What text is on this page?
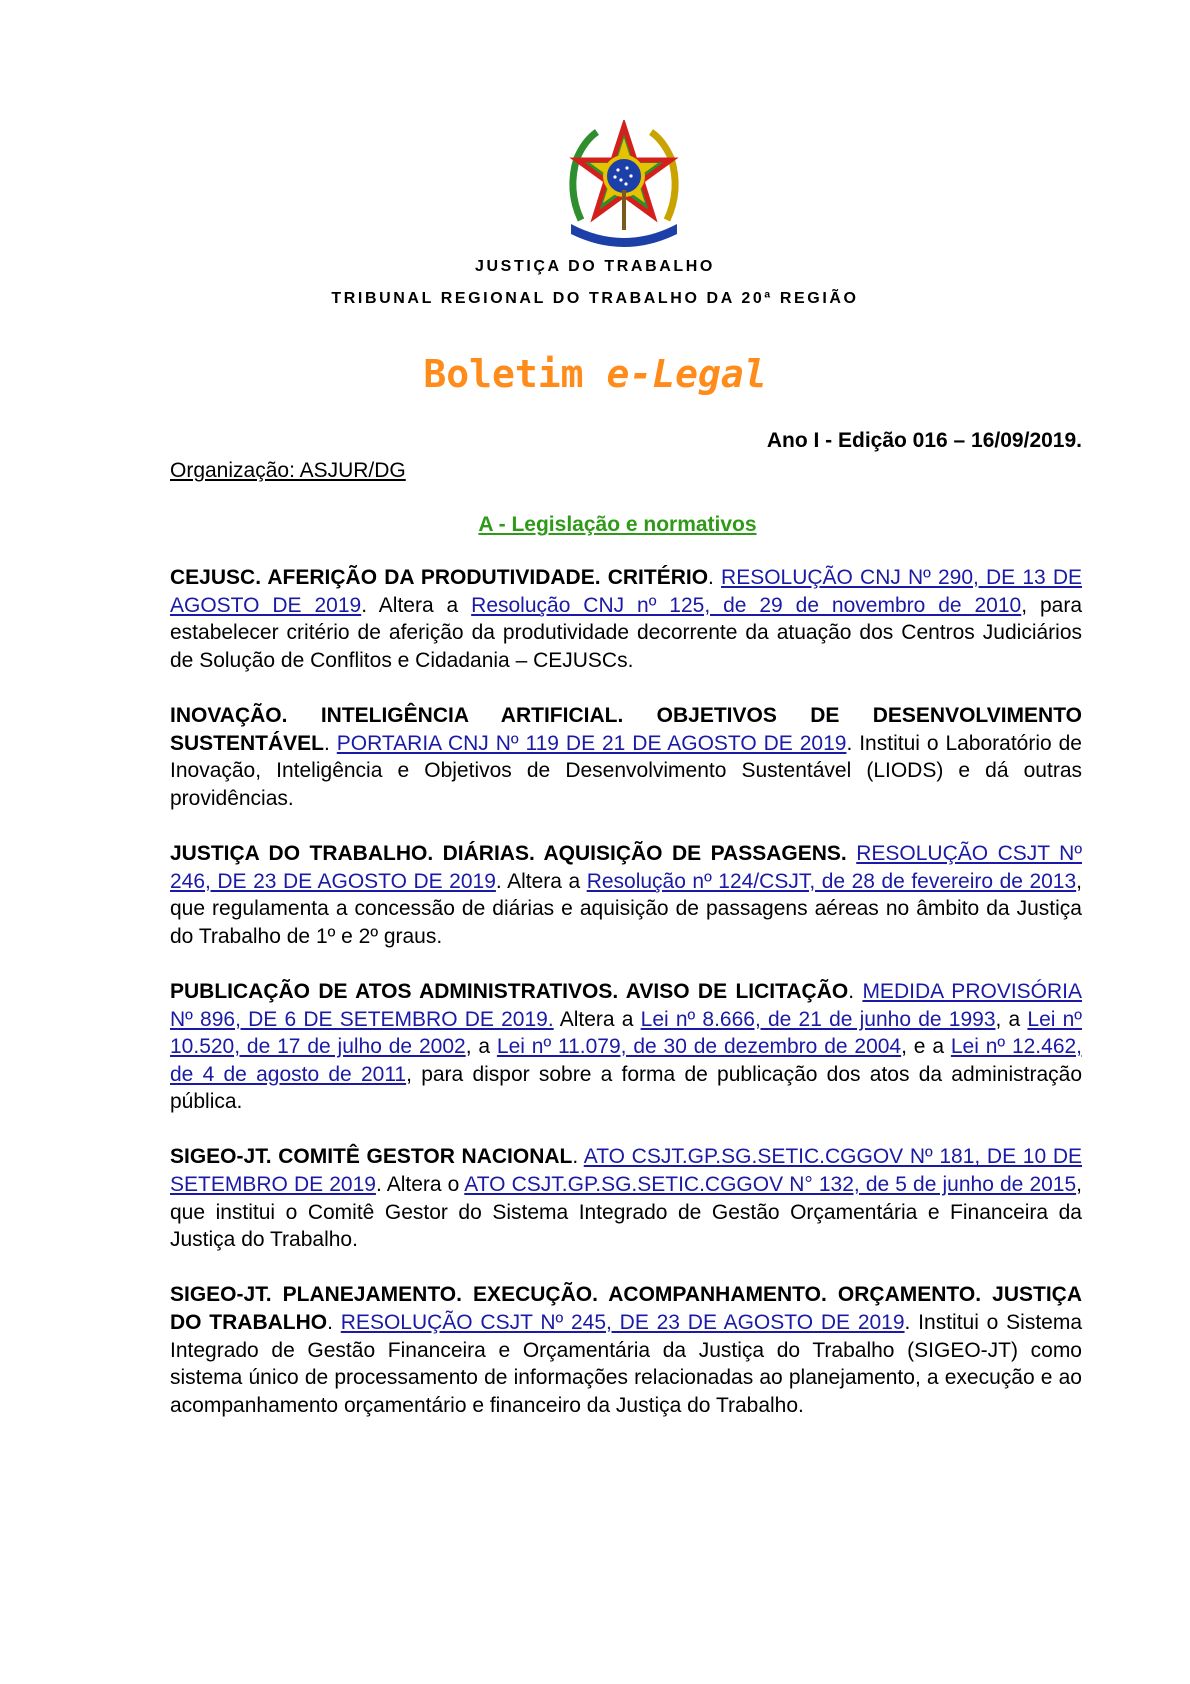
JUSTIÇA DO TRABALHO
TRIBUNAL REGIONAL DO TRABALHO DA 20ª REGIÃO
Boletim e-Legal
Ano I - Edição 016 – 16/09/2019.
Organização: ASJUR/DG
A - Legislação e normativos

CEJUSC. AFERIÇÃO DA PRODUTIVIDADE. CRITÉRIO. RESOLUÇÃO CNJ Nº 290, DE 13 DE AGOSTO DE 2019. Altera a Resolução CNJ nº 125, de 29 de novembro de 2010, para estabelecer critério de aferição da produtividade decorrente da atuação dos Centros Judiciários de Solução de Conflitos e Cidadania – CEJUSCs.

INOVAÇÃO. INTELIGÊNCIA ARTIFICIAL. OBJETIVOS DE DESENVOLVIMENTO SUSTENTÁVEL. PORTARIA CNJ Nº 119 DE 21 DE AGOSTO DE 2019. Institui o Laboratório de Inovação, Inteligência e Objetivos de Desenvolvimento Sustentável (LIODS) e dá outras providências.

JUSTIÇA DO TRABALHO. DIÁRIAS. AQUISIÇÃO DE PASSAGENS. RESOLUÇÃO CSJT Nº 246, DE 23 DE AGOSTO DE 2019. Altera a Resolução nº 124/CSJT, de 28 de fevereiro de 2013, que regulamenta a concessão de diárias e aquisição de passagens aéreas no âmbito da Justiça do Trabalho de 1º e 2º graus.

PUBLICAÇÃO DE ATOS ADMINISTRATIVOS. AVISO DE LICITAÇÃO. MEDIDA PROVISÓRIA Nº 896, DE 6 DE SETEMBRO DE 2019. Altera a Lei nº 8.666, de 21 de junho de 1993, a Lei nº 10.520, de 17 de julho de 2002, a Lei nº 11.079, de 30 de dezembro de 2004, e a Lei nº 12.462, de 4 de agosto de 2011, para dispor sobre a forma de publicação dos atos da administração pública.

SIGEO-JT. COMITÊ GESTOR NACIONAL. ATO CSJT.GP.SG.SETIC.CGGOV Nº 181, DE 10 DE SETEMBRO DE 2019. Altera o ATO CSJT.GP.SG.SETIC.CGGOV N° 132, de 5 de junho de 2015, que institui o Comitê Gestor do Sistema Integrado de Gestão Orçamentária e Financeira da Justiça do Trabalho.

SIGEO-JT. PLANEJAMENTO. EXECUÇÃO. ACOMPANHAMENTO. ORÇAMENTO. JUSTIÇA DO TRABALHO. RESOLUÇÃO CSJT Nº 245, DE 23 DE AGOSTO DE 2019. Institui o Sistema Integrado de Gestão Financeira e Orçamentária da Justiça do Trabalho (SIGEO-JT) como sistema único de processamento de informações relacionadas ao planejamento, a execução e ao acompanhamento orçamentário e financeiro da Justiça do Trabalho.
